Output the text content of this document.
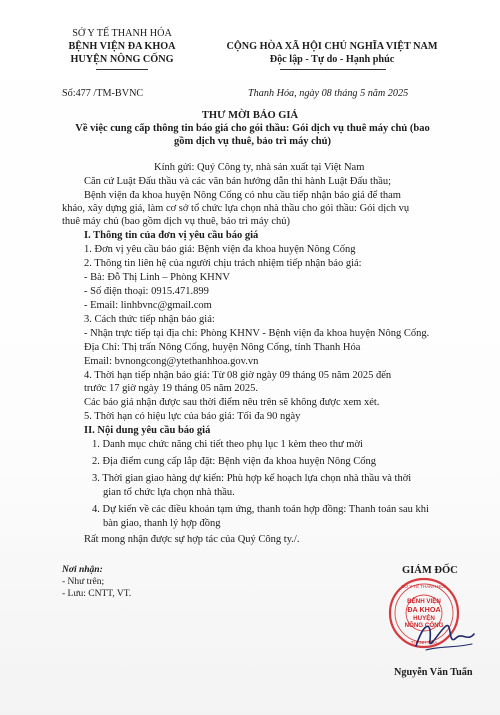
SỞ Y TẾ THANH HÓA
BỆNH VIỆN ĐA KHOA
HUYỆN NÔNG CỐNG
CỘNG HÒA XÃ HỘI CHỦ NGHĨA VIỆT NAM
Độc lập - Tự do - Hạnh phúc
Số:477 /TM-BVNC	Thanh Hóa, ngày 08 tháng 5 năm 2025
THƯ MỜI BÁO GIÁ
Về việc cung cấp thông tin báo giá cho gói thầu: Gói dịch vụ thuê máy chủ (bao
gồm dịch vụ thuê, bảo trì máy chủ)
Kính gửi: Quý Công ty, nhà sản xuất tại Việt Nam
Căn cứ Luật Đấu thầu và các văn bản hướng dẫn thi hành Luật Đấu thầu;
Bệnh viện đa khoa huyện Nông Cống có nhu cầu tiếp nhận báo giá để tham
khảo, xây dựng giá, làm cơ sở tổ chức lựa chọn nhà thầu cho gói thầu: Gói dịch vụ
thuê máy chủ (bao gồm dịch vụ thuê, bảo trì máy chủ)
I. Thông tin của đơn vị yêu cầu báo giá
1. Đơn vị yêu cầu báo giá: Bệnh viện đa khoa huyện Nông Cống
2. Thông tin liên hệ của người chịu trách nhiệm tiếp nhận báo giá:
- Bà: Đỗ Thị Linh – Phòng KHNV
- Số điện thoại: 0915.471.899
- Email: linhbvnc@gmail.com
3. Cách thức tiếp nhận báo giá:
- Nhận trực tiếp tại địa chỉ: Phòng KHNV - Bệnh viện đa khoa huyện Nông Cống.
Địa Chỉ: Thị trấn Nông Cống, huyện Nông Cống, tỉnh Thanh Hóa
Email: bvnongcong@ytethanhhoa.gov.vn
4. Thời hạn tiếp nhận báo giá: Từ 08 giờ ngày 09 tháng 05 năm 2025 đến
trước 17 giờ ngày 19 tháng 05 năm 2025.
Các báo giá nhận được sau thời điểm nêu trên sẽ không được xem xét.
5. Thời hạn có hiệu lực của báo giá: Tối đa 90 ngày
II. Nội dung yêu cầu báo giá
1. Danh mục chức năng chi tiết theo phụ lục 1 kèm theo thư mời
2. Địa điểm cung cấp lắp đặt: Bệnh viện đa khoa huyện Nông Cống
3. Thời gian giao hàng dự kiến: Phù hợp kế hoạch lựa chọn nhà thầu và thời
gian tổ chức lựa chọn nhà thầu.
4. Dự kiến về các điều khoản tạm ứng, thanh toán hợp đồng: Thanh toán sau khi
bàn giao, thanh lý hợp đồng
Rất mong nhận được sự hợp tác của Quý Công ty./.
Nơi nhận:
- Như trên;
- Lưu: CNTT, VT.
GIÁM ĐỐC
SỞ Y TẾ THANH HÓA
THANH HÓA
BỆNH VIỆN
ĐA KHOA
HUYỆN
NÔNG CỐNG
Nguyễn Văn Tuấn
